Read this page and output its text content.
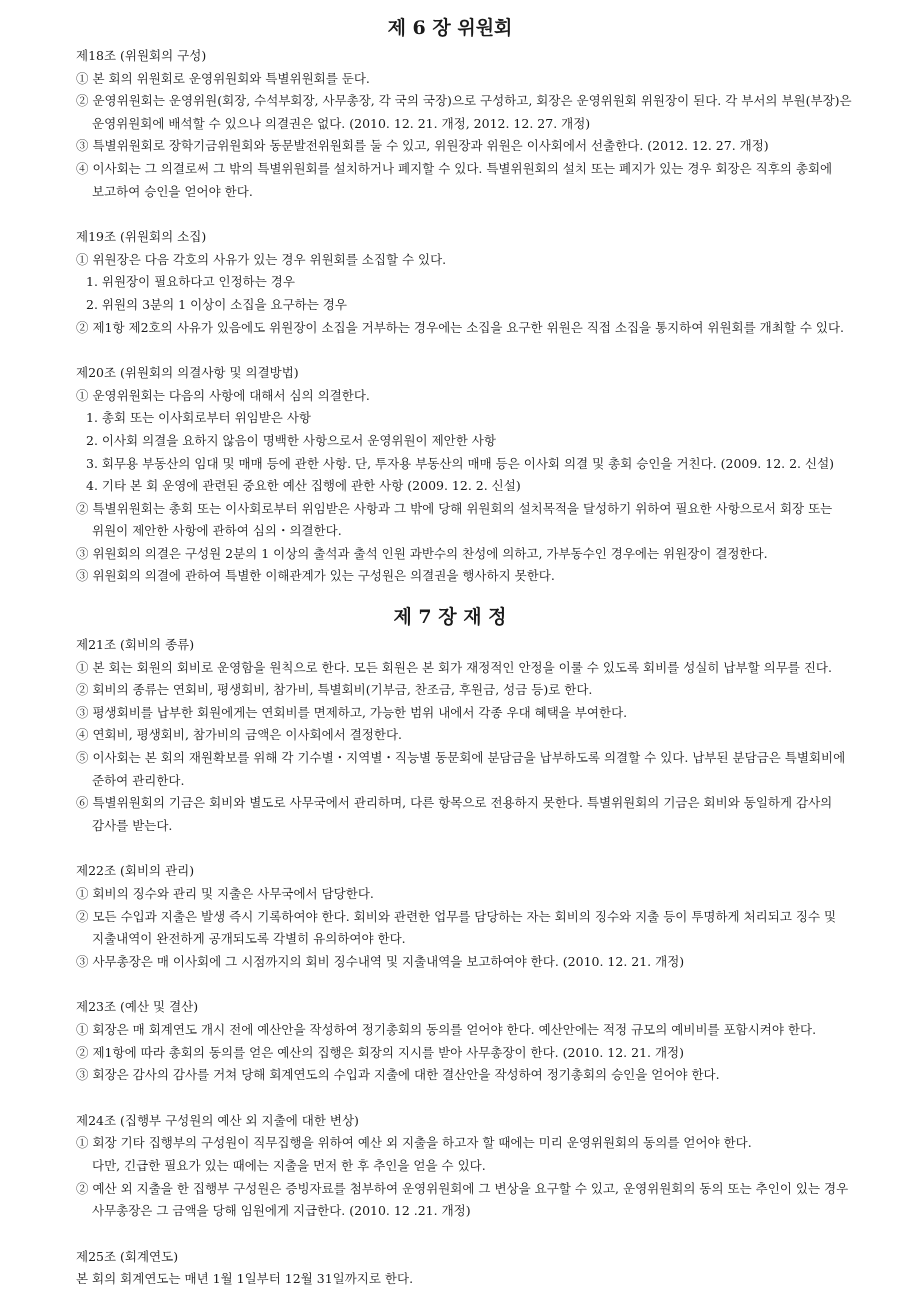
제 6 장 위원회

제18조 (위원회의 구성)

① 본 회의 위원회로 운영위원회와 특별위원회를 둔다.

② 운영위원회는 운영위원(회장, 수석부회장, 사무총장, 각 국의 국장)으로 구성하고, 회장은 운영위원회 위원장이 된다. 각 부서의 부원(부장)은

운영위원회에 배석할 수 있으나 의결권은 없다. (2010. 12. 21. 개정, 2012. 12. 27. 개정)

③ 특별위원회로 장학기금위원회와 동문발전위원회를 둘 수 있고, 위원장과 위원은 이사회에서 선출한다. (2012. 12. 27. 개정)

④ 이사회는 그 의결로써 그 밖의 특별위원회를 설치하거나 폐지할 수 있다. 특별위원회의 설치 또는 폐지가 있는 경우 회장은 직후의 총회에

보고하여 승인을 얻어야 한다.

제19조 (위원회의 소집)

① 위원장은 다음 각호의 사유가 있는 경우 위원회를 소집할 수 있다.

1. 위원장이 필요하다고 인정하는 경우

2. 위원의 3분의 1 이상이 소집을 요구하는 경우

② 제1항 제2호의 사유가 있음에도 위원장이 소집을 거부하는 경우에는 소집을 요구한 위원은 직접 소집을 통지하여 위원회를 개최할 수 있다.

제20조 (위원회의 의결사항 및 의결방법)

① 운영위원회는 다음의 사항에 대해서 심의 의결한다.

1. 총회 또는 이사회로부터 위임받은 사항

2. 이사회 의결을 요하지 않음이 명백한 사항으로서 운영위원이 제안한 사항

3. 회무용 부동산의 임대 및 매매 등에 관한 사항. 단, 투자용 부동산의 매매 등은 이사회 의결 및 총회 승인을 거친다. (2009. 12. 2. 신설)

4. 기타 본 회 운영에 관련된 중요한 예산 집행에 관한 사항 (2009. 12. 2. 신설)

② 특별위원회는 총회 또는 이사회로부터 위임받은 사항과 그 밖에 당해 위원회의 설치목적을 달성하기 위하여 필요한 사항으로서 회장 또는

위원이 제안한 사항에 관하여 심의・의결한다.

③ 위원회의 의결은 구성원 2분의 1 이상의 출석과 출석 인원 과반수의 찬성에 의하고, 가부동수인 경우에는 위원장이 결정한다.

③ 위원회의 의결에 관하여 특별한 이해관계가 있는 구성원은 의결권을 행사하지 못한다.

제 7 장 재 정

제21조 (회비의 종류)

① 본 회는 회원의 회비로 운영함을 원칙으로 한다. 모든 회원은 본 회가 재정적인 안정을 이룰 수 있도록 회비를 성실히 납부할 의무를 진다.

② 회비의 종류는 연회비, 평생회비, 참가비, 특별회비(기부금, 찬조금, 후원금, 성금 등)로 한다.

③ 평생회비를 납부한 회원에게는 연회비를 면제하고, 가능한 범위 내에서 각종 우대 혜택을 부여한다.

④ 연회비, 평생회비, 참가비의 금액은 이사회에서 결정한다.

⑤ 이사회는 본 회의 재원확보를 위해 각 기수별・지역별・직능별 동문회에 분담금을 납부하도록 의결할 수 있다. 납부된 분담금은 특별회비에

준하여 관리한다.

⑥ 특별위원회의 기금은 회비와 별도로 사무국에서 관리하며, 다른 항목으로 전용하지 못한다. 특별위원회의 기금은 회비와 동일하게 감사의

감사를 받는다.

제22조 (회비의 관리)

① 회비의 징수와 관리 및 지출은 사무국에서 담당한다.

② 모든 수입과 지출은 발생 즉시 기록하여야 한다. 회비와 관련한 업무를 담당하는 자는 회비의 징수와 지출 등이 투명하게 처리되고 징수 및

지출내역이 완전하게 공개되도록 각별히 유의하여야 한다.

③ 사무총장은 매 이사회에 그 시점까지의 회비 징수내역 및 지출내역을 보고하여야 한다. (2010. 12. 21. 개정)

제23조 (예산 및 결산)

① 회장은 매 회계연도 개시 전에 예산안을 작성하여 정기총회의 동의를 얻어야 한다. 예산안에는 적정 규모의 예비비를 포함시켜야 한다.

② 제1항에 따라 총회의 동의를 얻은 예산의 집행은 회장의 지시를 받아 사무총장이 한다. (2010. 12. 21. 개정)

③ 회장은 감사의 감사를 거쳐 당해 회계연도의 수입과 지출에 대한 결산안을 작성하여 정기총회의 승인을 얻어야 한다.

제24조 (집행부 구성원의 예산 외 지출에 대한 변상)

① 회장 기타 집행부의 구성원이 직무집행을 위하여 예산 외 지출을 하고자 할 때에는 미리 운영위원회의 동의를 얻어야 한다.

다만, 긴급한 필요가 있는 때에는 지출을 먼저 한 후 추인을 얻을 수 있다.

② 예산 외 지출을 한 집행부 구성원은 증빙자료를 첨부하여 운영위원회에 그 변상을 요구할 수 있고, 운영위원회의 동의 또는 추인이 있는 경우

사무총장은 그 금액을 당해 임원에게 지급한다. (2010. 12 .21. 개정)

제25조 (회계연도)

본 회의 회계연도는 매년 1월 1일부터 12월 31일까지로 한다.
